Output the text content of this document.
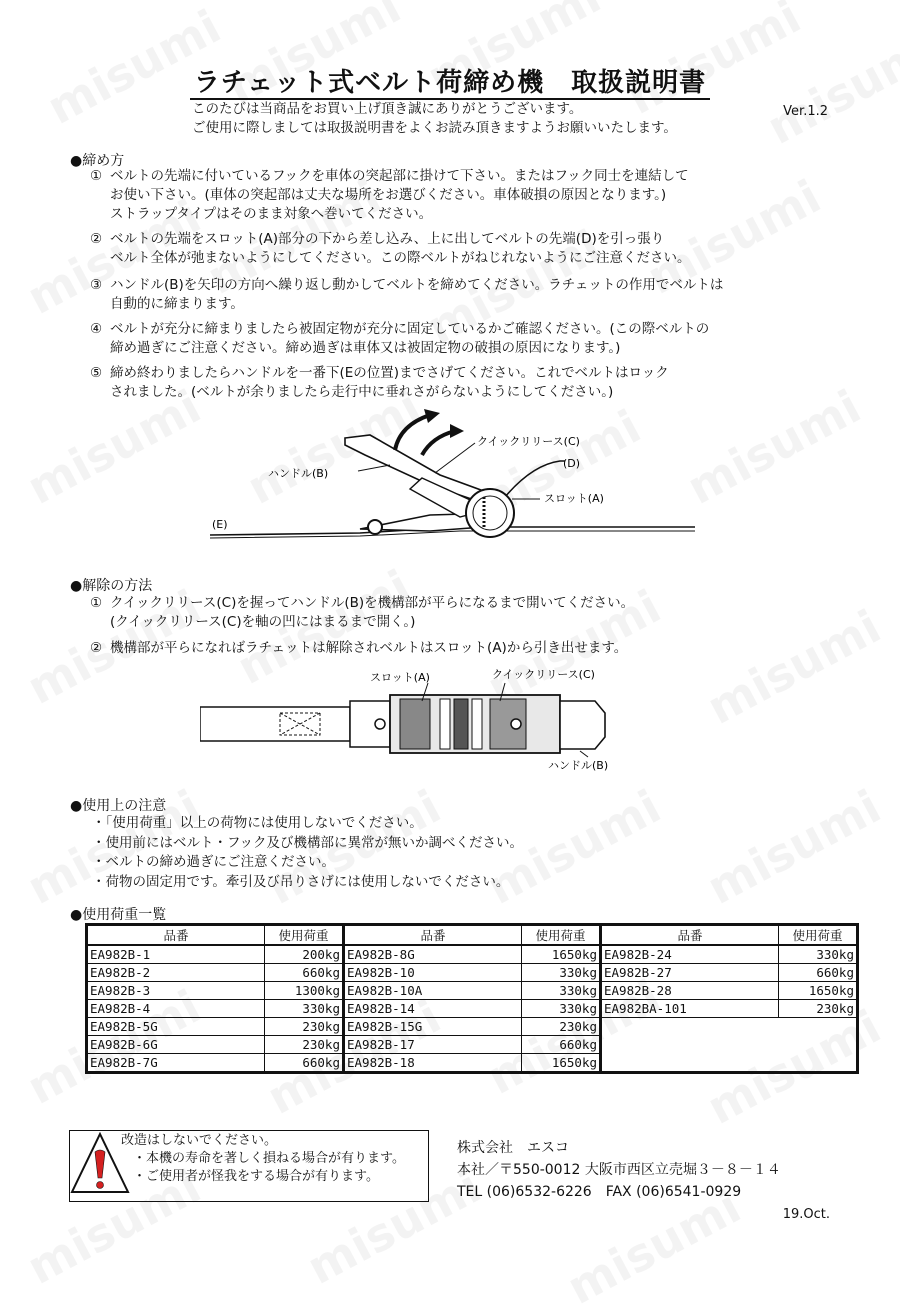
ラチェット式ベルト荷締め機　取扱説明書
Ver.1.2
このたびは当商品をお買い上げ頂き誠にありがとうございます。
ご使用に際しましては取扱説明書をよくお読み頂きますようお願いいたします。
●締め方
① ベルトの先端に付いているフックを車体の突起部に掛けて下さい。またはフック同士を連結して
お使い下さい。(車体の突起部は丈夫な場所をお選びください。車体破損の原因となります。)
ストラップタイプはそのまま対象へ巻いてください。
② ベルトの先端をスロット(A)部分の下から差し込み、上に出してベルトの先端(D)を引っ張り
ベルト全体が弛まないようにしてください。この際ベルトがねじれないようにご注意ください。
③ ハンドル(B)を矢印の方向へ繰り返し動かしてベルトを締めてください。ラチェットの作用でベルトは
自動的に締まります。
④ ベルトが充分に締まりましたら被固定物が充分に固定しているかご確認ください。(この際ベルトの
締め過ぎにご注意ください。締め過ぎは車体又は被固定物の破損の原因になります。)
⑤ 締め終わりましたらハンドルを一番下(Eの位置)までさげてください。これでベルトはロック
されました。(ベルトが余りましたら走行中に垂れさがらないようにしてください。)
クイックリリース(C)
(D)
ハンドル(B)
スロット(A)
(E)
●解除の方法
① クイックリリース(C)を握ってハンドル(B)を機構部が平らになるまで開いてください。
(クイックリリース(C)を軸の凹にはまるまで開く。)
② 機構部が平らになればラチェットは解除されベルトはスロット(A)から引き出せます。
スロット(A)	クイックリリース(C)
ハンドル(B)
●使用上の注意
・「使用荷重」以上の荷物には使用しないでください。
・使用前にはベルト・フック及び機構部に異常が無いか調べください。
・ベルトの締め過ぎにご注意ください。
・荷物の固定用です。牽引及び吊りさげには使用しないでください。
●使用荷重一覧
品番	使用荷重	品番	使用荷重	品番	使用荷重
EA982B-1	200kg	EA982B-8G	1650kg	EA982B-24	330kg
EA982B-2	660kg	EA982B-10	330kg	EA982B-27	660kg
EA982B-3	1300kg	EA982B-10A	330kg	EA982B-28	1650kg
EA982B-4	330kg	EA982B-14	330kg	EA982BA-101	230kg
EA982B-5G	230kg	EA982B-15G	230kg		
EA982B-6G	230kg	EA982B-17	660kg		
EA982B-7G	660kg	EA982B-18	1650kg		
改造はしないでください。
・本機の寿命を著しく損ねる場合が有ります。
・ご使用者が怪我をする場合が有ります。
株式会社　エスコ
本社／〒550-0012 大阪市西区立売堀３－８－１４
TEL (06)6532-6226　FAX (06)6541-0929
19.Oct.
